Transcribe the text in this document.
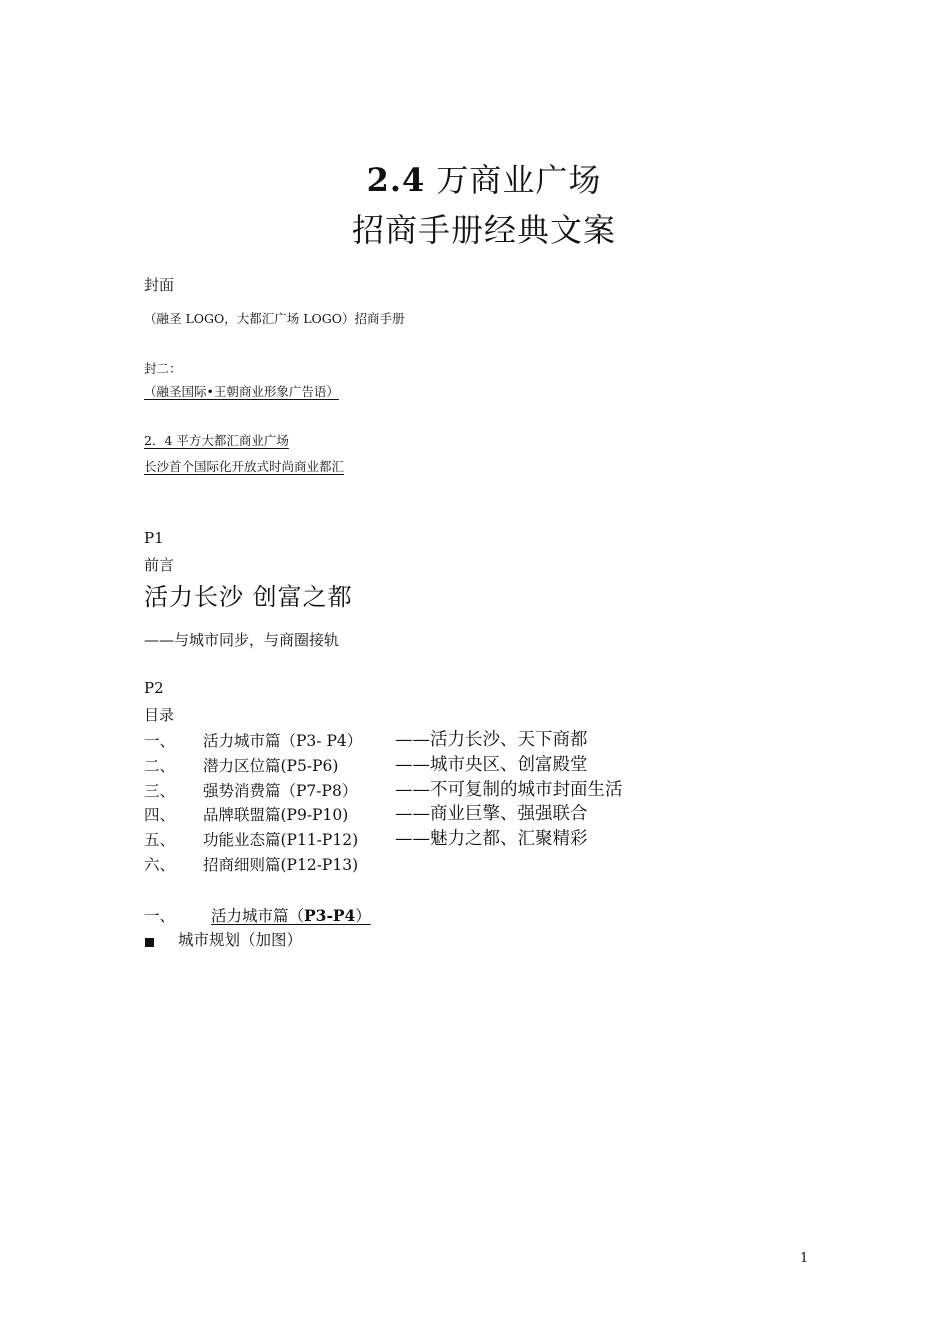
2.4 万商业广场
招商手册经典文案
封面
（融圣 LOGO，大都汇广场 LOGO）招商手册
封二：
（融圣国际•王朝商业形象广告语）
2．4 平方大都汇商业广场
长沙首个国际化开放式时尚商业都汇
P1
前言
活力长沙 创富之都
——与城市同步，与商圈接轨
P2
目录
一、 活力城市篇（P3- P4） ——活力长沙、天下商都
二、 潜力区位篇(P5-P6)	——城市央区、创富殿堂
三、 强势消费篇（P7-P8） ——不可复制的城市封面生活
四、 品牌联盟篇(P9-P10)	——商业巨擎、强强联合
五、 功能业态篇(P11-P12) ——魅力之都、汇聚精彩
六、 招商细则篇(P12-P13)
一、 活力城市篇（P3-P4）
城市规划（加图）
1
